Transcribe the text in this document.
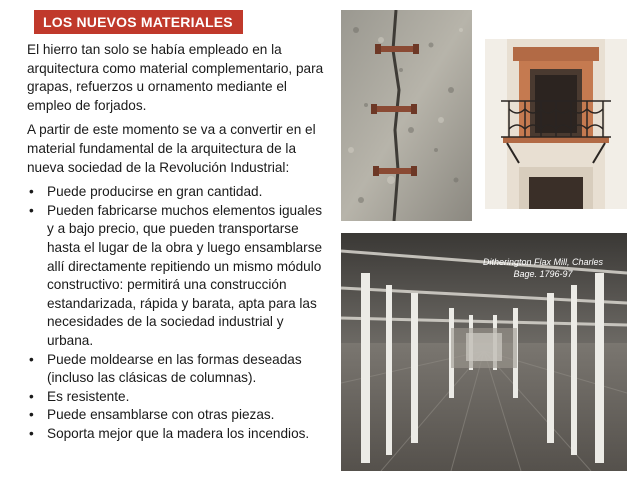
LOS NUEVOS MATERIALES

El hierro tan solo se había empleado en la arquitectura como material complementario, para grapas, refuerzos u ornamento mediante el empleo de forjados.

A partir de este momento se va a convertir en el material fundamental de la arquitectura de la nueva sociedad de la Revolución Industrial:

• Puede producirse en gran cantidad.
• Pueden fabricarse muchos elementos iguales y a bajo precio, que pueden transportarse hasta el lugar de la obra y luego ensamblarse allí directamente repitiendo un mismo módulo constructivo: permitirá una construcción estandarizada, rápida y barata, apta para las necesidades de la sociedad industrial y urbana.
• Puede moldearse en las formas deseadas (incluso las clásicas de columnas).
• Es resistente.
• Puede ensamblarse con otras piezas.
• Soporta mejor que la madera los incendios.
Ditherington Flax Mill, Charles Bage. 1796-97
